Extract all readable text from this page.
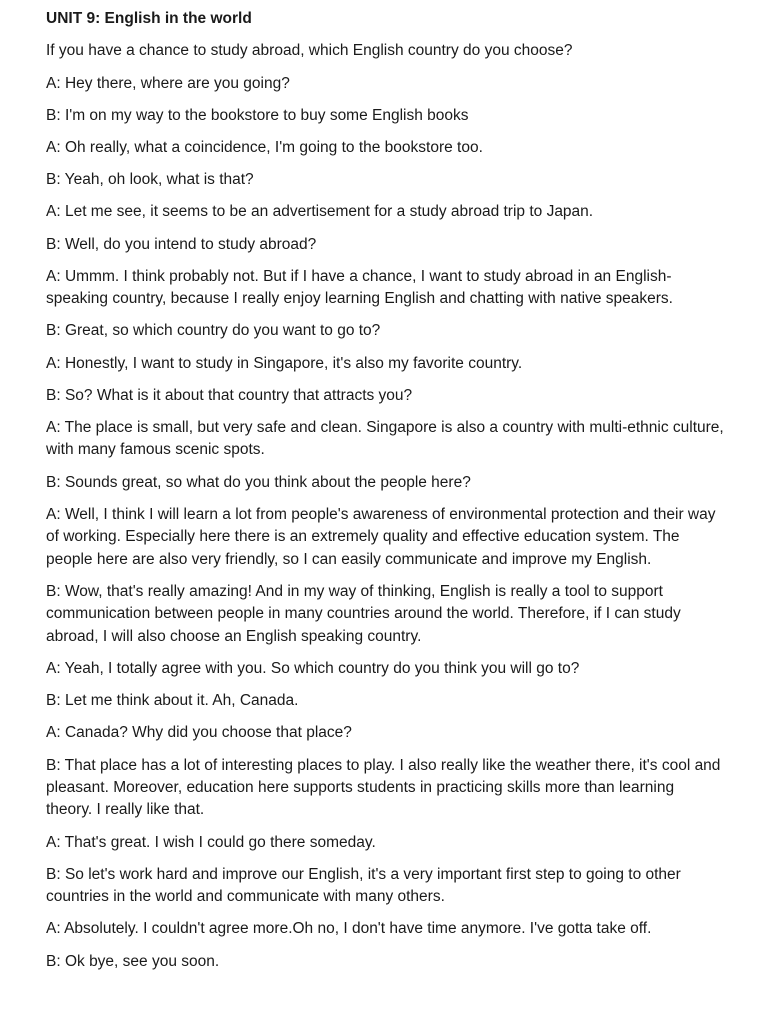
UNIT 9: English in the world

If you have a chance to study abroad, which English country do you choose?

A: Hey there, where are you going?

B: I'm on my way to the bookstore to buy some English books

A: Oh really, what a coincidence, I'm going to the bookstore too.

B: Yeah, oh look, what is that?

A: Let me see, it seems to be an advertisement for a study abroad trip to Japan.

B: Well, do you intend to study abroad?

A: Ummm. I think probably not. But if I have a chance, I want to study abroad in an English-speaking country, because I really enjoy learning English and chatting with native speakers.

B: Great, so which country do you want to go to?

A: Honestly, I want to study in Singapore, it's also my favorite country.

B: So? What is it about that country that attracts you?

A: The place is small, but very safe and clean. Singapore is also a country with multi-ethnic culture, with many famous scenic spots.

B: Sounds great, so what do you think about the people here?

A: Well, I think I will learn a lot from people's awareness of environmental protection and their way of working. Especially here there is an extremely quality and effective education system. The people here are also very friendly, so I can easily communicate and improve my English.

B: Wow, that's really amazing! And in my way of thinking, English is really a tool to support communication between people in many countries around the world. Therefore, if I can study abroad, I will also choose an English speaking country.

A: Yeah, I totally agree with you. So which country do you think you will go to?

B: Let me think about it. Ah, Canada.

A: Canada? Why did you choose that place?

B: That place has a lot of interesting places to play. I also really like the weather there, it's cool and pleasant. Moreover, education here supports students in practicing skills more than learning theory. I really like that.

A: That's great. I wish I could go there someday.

B: So let's work hard and improve our English, it's a very important first step to going to other countries in the world and communicate with many others.

A: Absolutely. I couldn't agree more.Oh no, I don't have time anymore. I've gotta take off.

B: Ok bye, see you soon.
